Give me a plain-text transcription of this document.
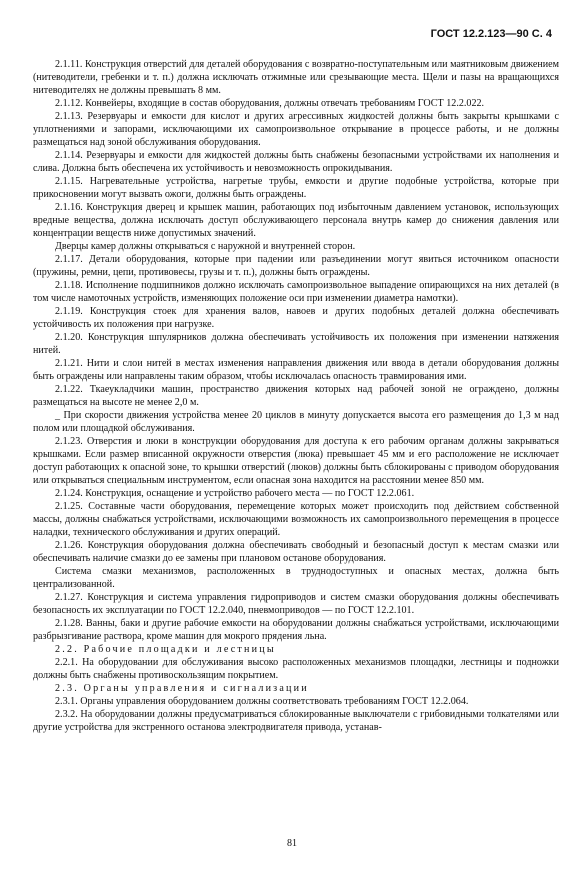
ГОСТ 12.2.123—90 С. 4

2.1.11. Конструкция отверстий для деталей оборудования с возвратно-поступательным или маятниковым движением (нитеводители, гребенки и т. п.) должна исключать отжимные или срезывающие места. Щели и пазы на вращающихся нитеводителях не должны превышать 8 мм.

2.1.12. Конвейеры, входящие в состав оборудования, должны отвечать требованиям ГОСТ 12.2.022.

2.1.13. Резервуары и емкости для кислот и других агрессивных жидкостей должны быть закрыты крышками с уплотнениями и запорами, исключающими их самопроизвольное открывание в процессе работы, и не должны размещаться над зоной обслуживания оборудования.

2.1.14. Резервуары и емкости для жидкостей должны быть снабжены безопасными устройствами их наполнения и слива. Должна быть обеспечена их устойчивость и невозможность опрокидывания.

2.1.15. Нагревательные устройства, нагретые трубы, емкости и другие подобные устройства, которые при прикосновении могут вызвать ожоги, должны быть ограждены.

2.1.16. Конструкция дверец и крышек машин, работающих под избыточным давлением установок, использующих вредные вещества, должна исключать доступ обслуживающего персонала внутрь камер до снижения давления или концентрации веществ ниже допустимых значений.

Дверцы камер должны открываться с наружной и внутренней сторон.

2.1.17. Детали оборудования, которые при падении или разъединении могут явиться источником опасности (пружины, ремни, цепи, противовесы, грузы и т. п.), должны быть ограждены.

2.1.18. Исполнение подшипников должно исключать самопроизвольное выпадение опирающихся на них деталей (в том числе намоточных устройств, изменяющих положение оси при изменении диаметра намотки).

2.1.19. Конструкция стоек для хранения валов, навоев и других подобных деталей должна обеспечивать устойчивость их положения при нагрузке.

2.1.20. Конструкция шпулярников должна обеспечивать устойчивость их положения при изменении натяжения нитей.

2.1.21. Нити и слои нитей в местах изменения направления движения или ввода в детали оборудования должны быть ограждены или направлены таким образом, чтобы исключалась опасность травмирования ими.

2.1.22. Ткаеукладчики машин, пространство движения которых над рабочей зоной не ограждено, должны размещаться на высоте не менее 2,0 м.

_ При скорости движения устройства менее 20 циклов в минуту допускается высота его размещения до 1,3 м над полом или площадкой обслуживания.

2.1.23. Отверстия и люки в конструкции оборудования для доступа к его рабочим органам должны закрываться крышками. Если размер вписанной окружности отверстия (люка) превышает 45 мм и его расположение не исключает доступ работающих к опасной зоне, то крышки отверстий (люков) должны быть сблокированы с приводом оборудования или открываться специальным инструментом, если опасная зона находится на расстоянии менее 850 мм.

2.1.24. Конструкция, оснащение и устройство рабочего места — по ГОСТ 12.2.061.

2.1.25. Составные части оборудования, перемещение которых может происходить под действием собственной массы, должны снабжаться устройствами, исключающими возможность их самопроизвольного перемещения в процессе наладки, технического обслуживания и других операций.

2.1.26. Конструкция оборудования должна обеспечивать свободный и безопасный доступ к местам смазки или обеспечивать наличие смазки до ее замены при плановом останове оборудования.

Система смазки механизмов, расположенных в труднодоступных и опасных местах, должна быть централизованной.

2.1.27. Конструкция и система управления гидроприводов и систем смазки оборудования должны обеспечивать безопасность их эксплуатации по ГОСТ 12.2.040, пневмоприводов — по ГОСТ 12.2.101.

2.1.28. Ванны, баки и другие рабочие емкости на оборудовании должны снабжаться устройствами, исключающими разбрызгивание раствора, кроме машин для мокрого прядения льна.

2.2. Рабочие площадки и лестницы

2.2.1. На оборудовании для обслуживания высоко расположенных механизмов площадки, лестницы и подножки должны быть снабжены противоскользящим покрытием.

2.3. Органы управления и сигнализации

2.3.1. Органы управления оборудованием должны соответствовать требованиям ГОСТ 12.2.064.

2.3.2. На оборудовании должны предусматриваться сблокированные выключатели с грибовидными толкателями или другие устройства для экстренного останова электродвигателя привода, устанав-

81
